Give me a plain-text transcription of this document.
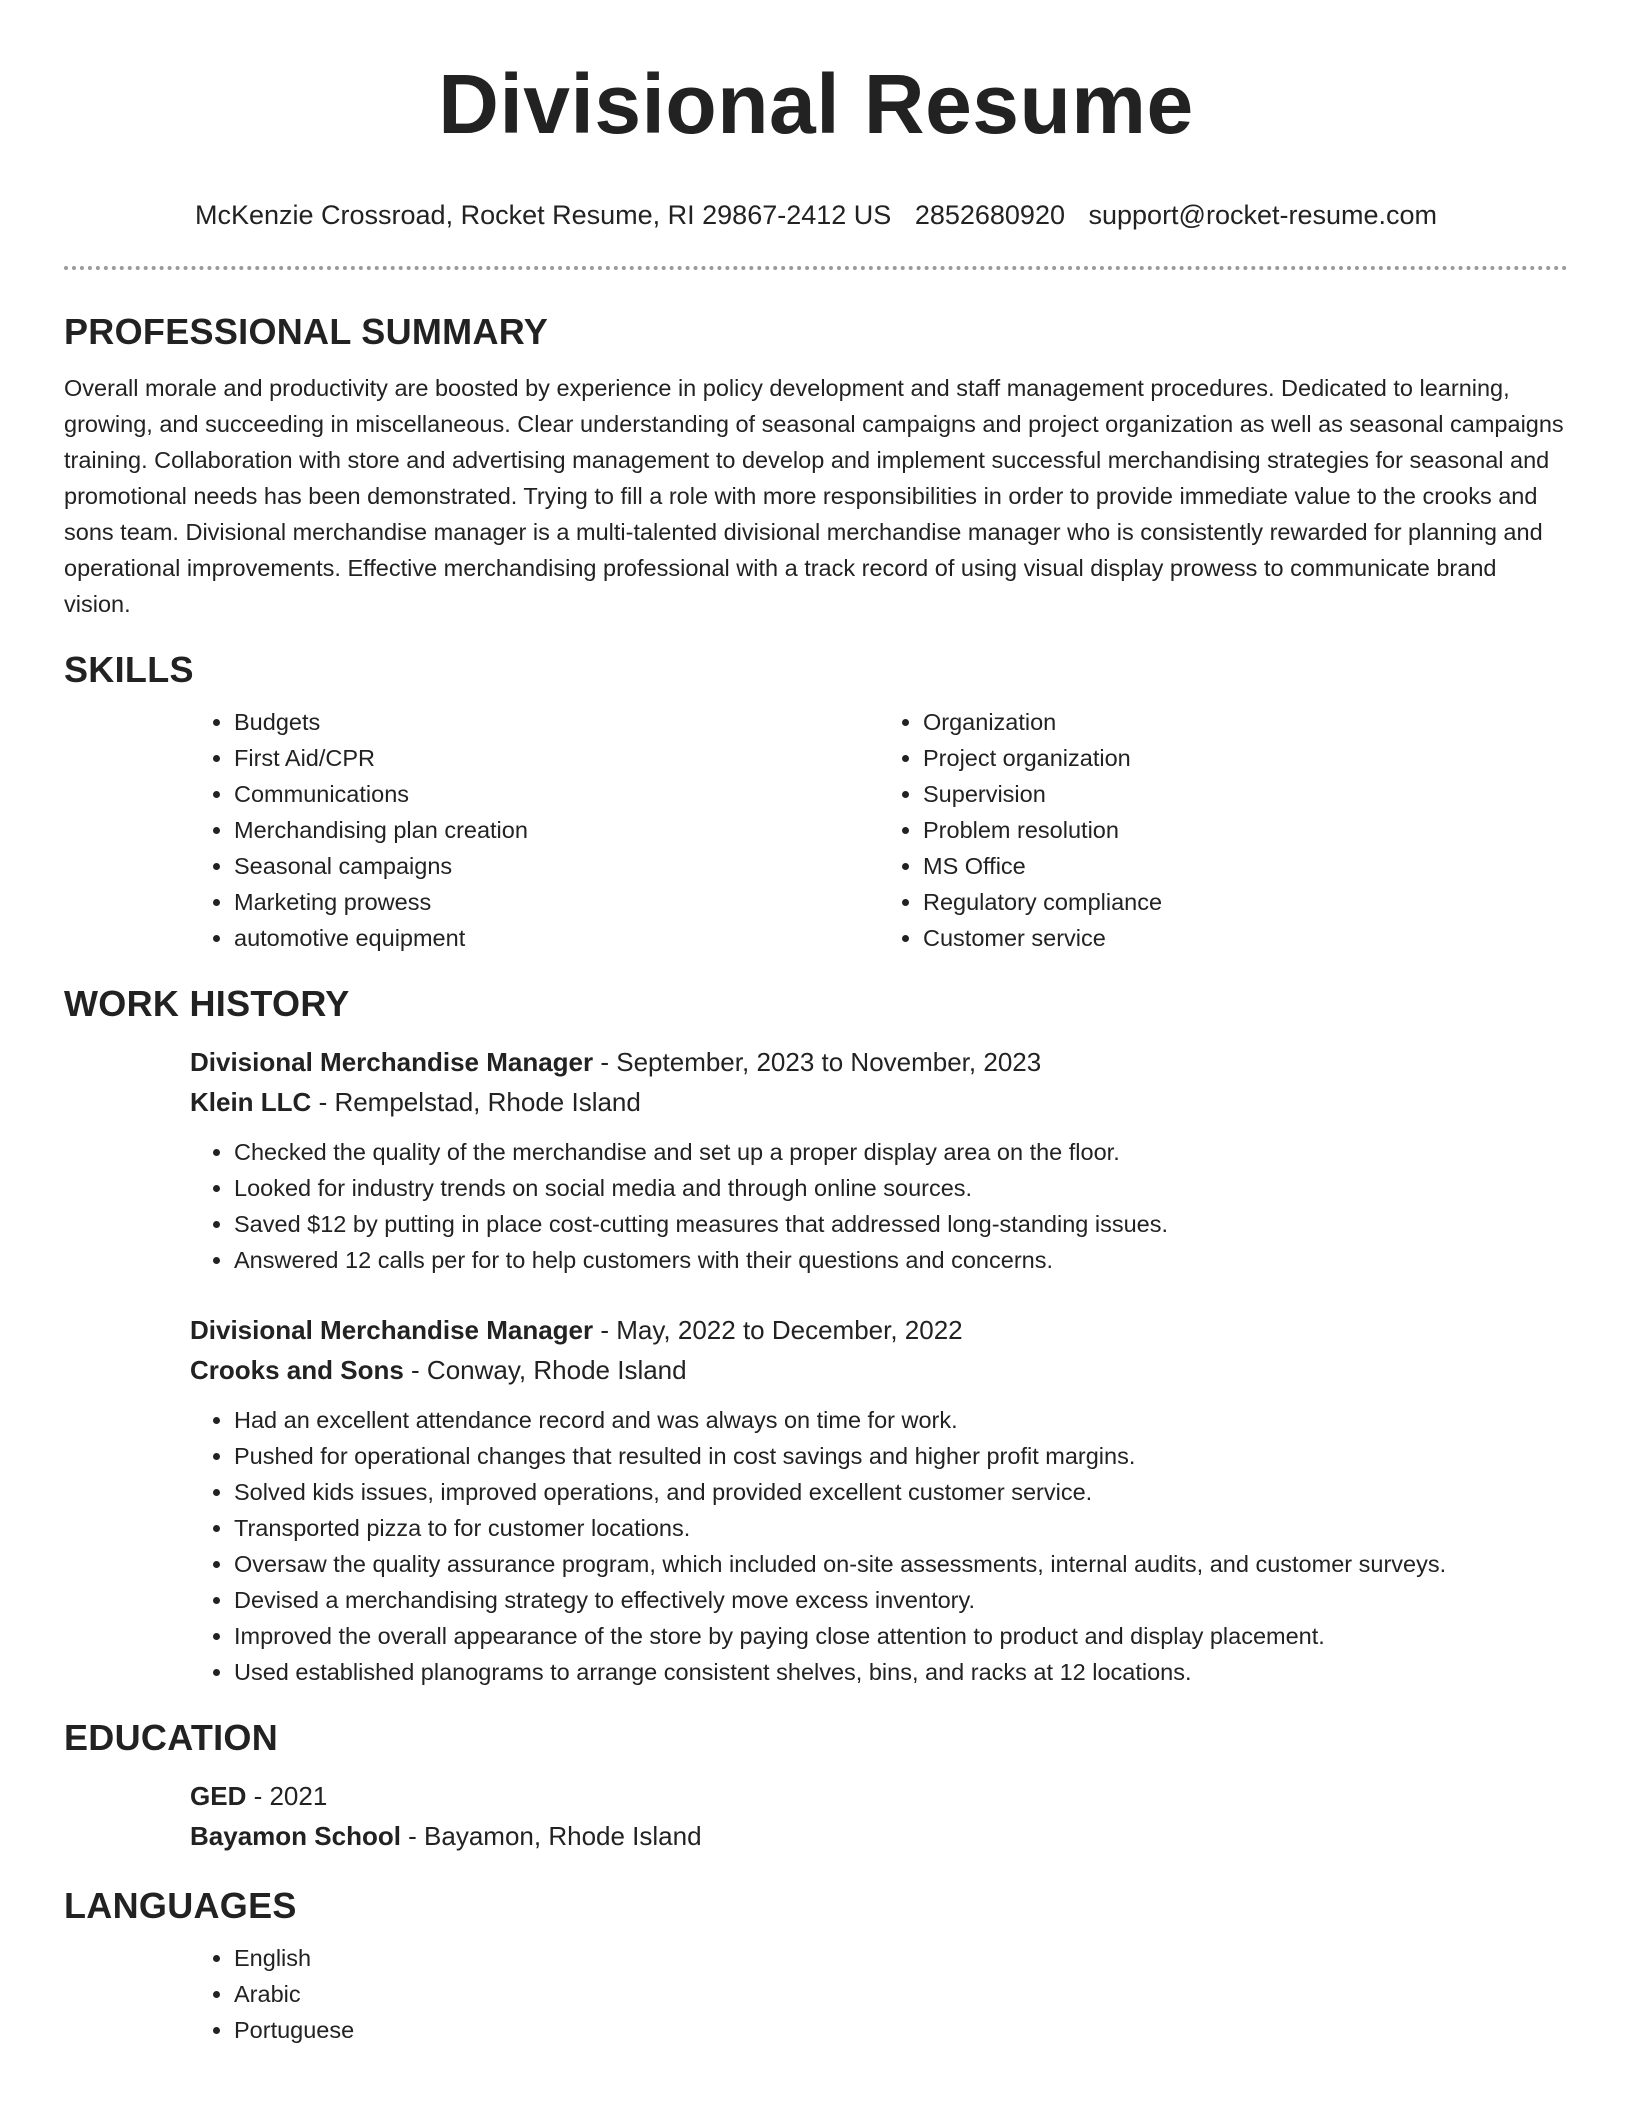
Divisional Resume
McKenzie Crossroad, Rocket Resume, RI 29867-2412 US 2852680920 support@rocket-resume.com
PROFESSIONAL SUMMARY

Overall morale and productivity are boosted by experience in policy development and staff management procedures. Dedicated to learning, growing, and succeeding in miscellaneous. Clear understanding of seasonal campaigns and project organization as well as seasonal campaigns training. Collaboration with store and advertising management to develop and implement successful merchandising strategies for seasonal and promotional needs has been demonstrated. Trying to fill a role with more responsibilities in order to provide immediate value to the crooks and sons team. Divisional merchandise manager is a multi-talented divisional merchandise manager who is consistently rewarded for planning and operational improvements. Effective merchandising professional with a track record of using visual display prowess to communicate brand vision.

SKILLS
• Budgets
• First Aid/CPR
• Communications
• Merchandising plan creation
• Seasonal campaigns
• Marketing prowess
• automotive equipment
• Organization
• Project organization
• Supervision
• Problem resolution
• MS Office
• Regulatory compliance
• Customer service
WORK HISTORY
Divisional Merchandise Manager - September, 2023 to November, 2023
Klein LLC - Rempelstad, Rhode Island
• Checked the quality of the merchandise and set up a proper display area on the floor.
• Looked for industry trends on social media and through online sources.
• Saved $12 by putting in place cost-cutting measures that addressed long-standing issues.
• Answered 12 calls per for to help customers with their questions and concerns.
Divisional Merchandise Manager - May, 2022 to December, 2022
Crooks and Sons - Conway, Rhode Island
• Had an excellent attendance record and was always on time for work.
• Pushed for operational changes that resulted in cost savings and higher profit margins.
• Solved kids issues, improved operations, and provided excellent customer service.
• Transported pizza to for customer locations.
• Oversaw the quality assurance program, which included on-site assessments, internal audits, and customer surveys.
• Devised a merchandising strategy to effectively move excess inventory.
• Improved the overall appearance of the store by paying close attention to product and display placement.
• Used established planograms to arrange consistent shelves, bins, and racks at 12 locations.
EDUCATION
GED - 2021
Bayamon School - Bayamon, Rhode Island
LANGUAGES
• English
• Arabic
• Portuguese
